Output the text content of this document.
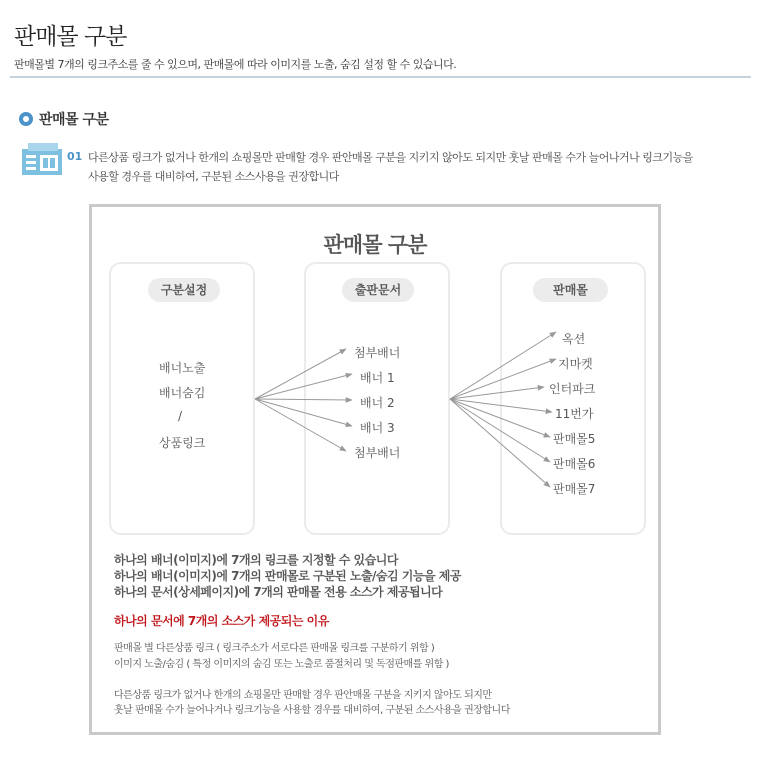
판매몰 구분
판매몰별 7개의 링크주소를 줄 수 있으며, 판매몰에 따라 이미지를 노출, 숨김 설정 할 수 있습니다.
판매몰 구분
01 다른상품 링크가 없거나 한개의 쇼핑몰만 판매할 경우 판안매몰 구분을 지키지 않아도 되지만 훗날 판매몰 수가 늘어나거나 링크기능을
사용할 경우를 대비하여, 구분된 소스사용을 권장합니다
판매몰 구분
구분설정	출판문서	판매몰
배너노출
배너숨김
/
상품링크
첨부배너
배너 1
배너 2
배너 3
첨부배너
옥션
지마켓
인터파크
11번가
판매몰5
판매몰6
판매몰7
하나의 배너(이미지)에 7개의 링크를 지정할 수 있습니다
하나의 배너(이미지)에 7개의 판매몰로 구분된 노출/숨김 기능을 제공
하나의 문서(상세페이지)에 7개의 판매몰 전용 소스가 제공됩니다
하나의 문서에 7개의 소스가 제공되는 이유
판매몰 별 다른상품 링크 ( 링크주소가 서로다른 판매몰 링크를 구분하기 위함 )
이미지 노출/숨김 ( 특정 이미지의 숨김 또는 노출로 품절처리 및 독점판매를 위함 )
다른상품 링크가 없거나 한개의 쇼핑몰만 판매할 경우 판안매몰 구분을 지키지 않아도 되지만
훗날 판매몰 수가 늘어나거나 링크기능을 사용할 경우를 대비하여, 구분된 소스사용을 권장합니다
